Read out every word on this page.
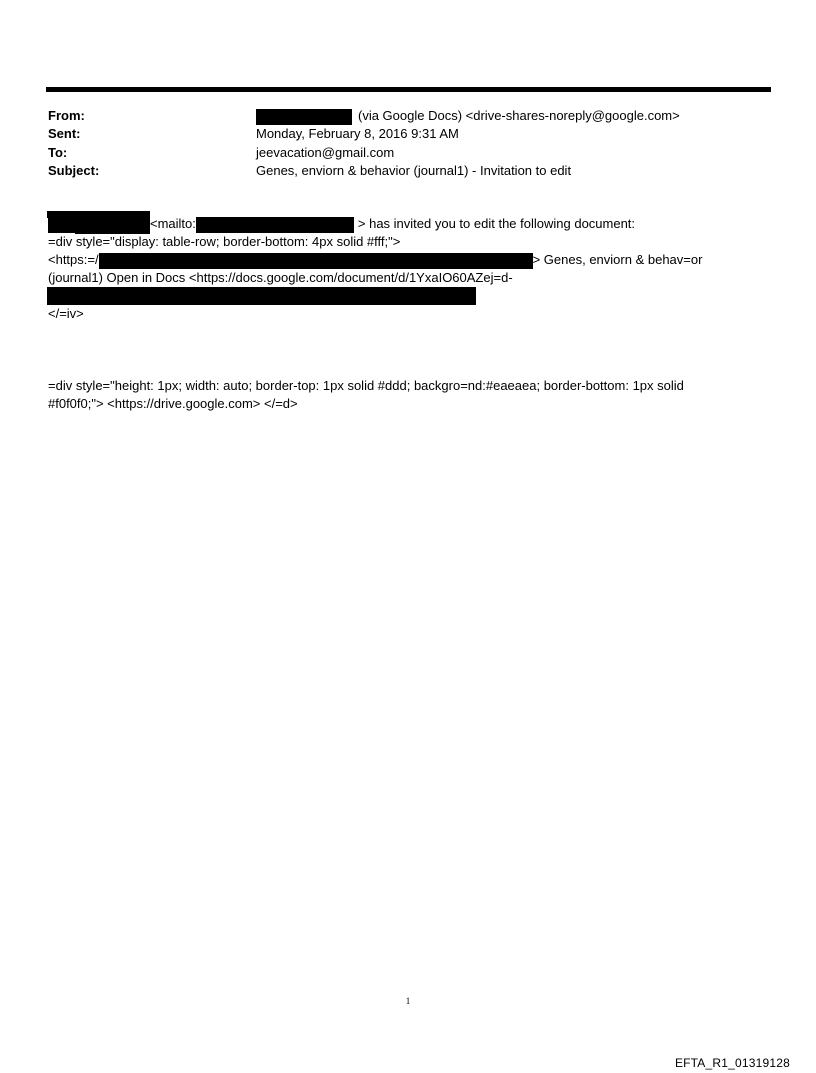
From:	(via Google Docs) <drive-shares-noreply@google.com>
Sent:	Monday, February 8, 2016 9:31 AM
To:	jeevacation@gmail.com
Subject:	Genes, enviorn & behavior (journal1) - Invitation to edit
<mailto:	> has invited you to edit the following document:
=div style="display: table-row; border-bottom: 4px solid #fff;">
<https:=/	> Genes, enviorn & behav=or
(journal1) Open in Docs <https://docs.google.com/document/d/1YxaIO60AZej=d-
</=iv>
=div style="height: 1px; width: auto; border-top: 1px solid #ddd; backgro=nd:#eaeaea; border-bottom: 1px solid
#f0f0f0;"> <https://drive.google.com> </=d>
1
EFTA_R1_01319128
